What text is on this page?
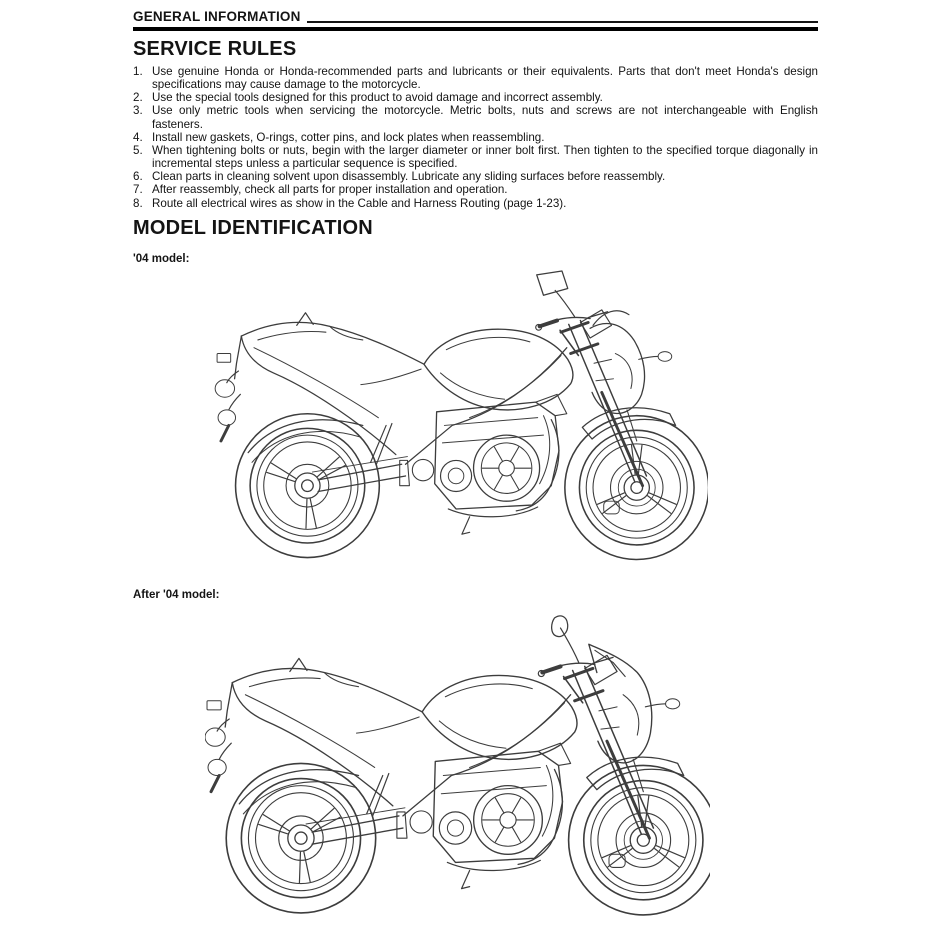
GENERAL INFORMATION
SERVICE RULES
1. Use genuine Honda or Honda-recommended parts and lubricants or their equivalents. Parts that don't meet Honda's design specifications may cause damage to the motorcycle.
2. Use the special tools designed for this product to avoid damage and incorrect assembly.
3. Use only metric tools when servicing the motorcycle. Metric bolts, nuts and screws are not interchangeable with English fasteners.
4. Install new gaskets, O-rings, cotter pins, and lock plates when reassembling.
5. When tightening bolts or nuts, begin with the larger diameter or inner bolt first. Then tighten to the specified torque diagonally in incremental steps unless a particular sequence is specified.
6. Clean parts in cleaning solvent upon disassembly. Lubricate any sliding surfaces before reassembly.
7. After reassembly, check all parts for proper installation and operation.
8. Route all electrical wires as show in the Cable and Harness Routing (page 1-23).
MODEL IDENTIFICATION
'04 model:
After '04 model:
